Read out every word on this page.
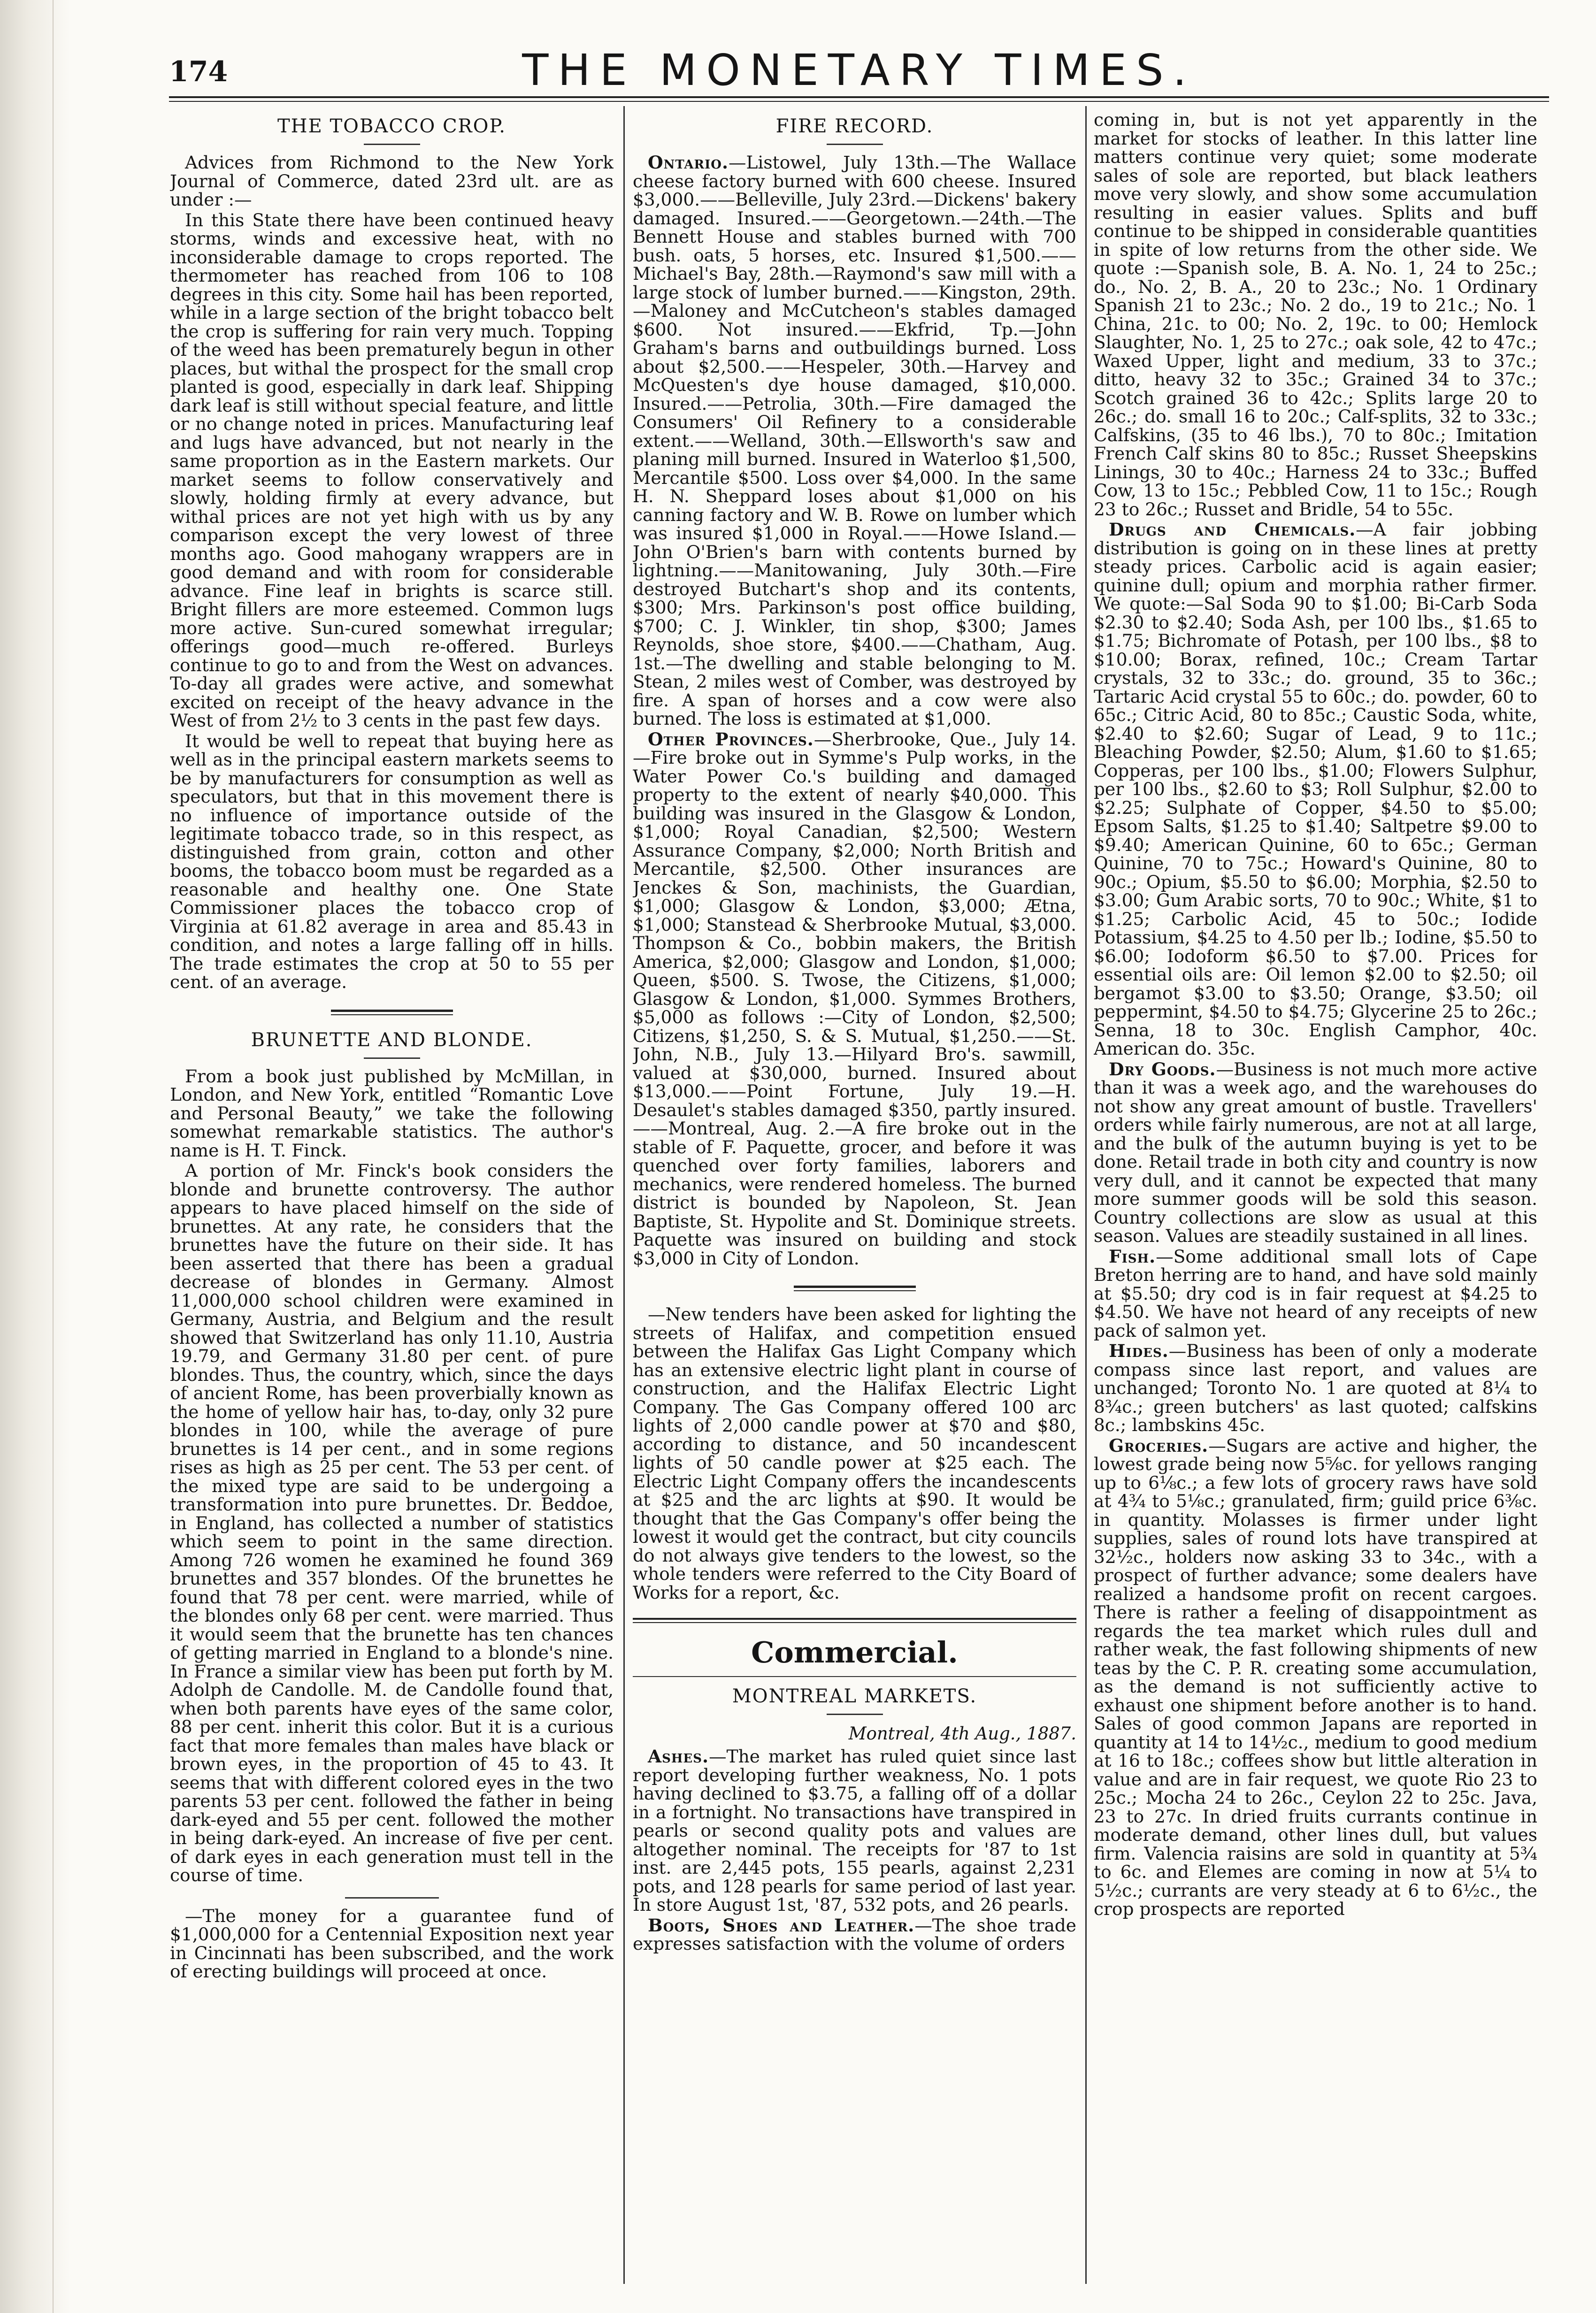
174	THE MONETARY TIMES.
THE TOBACCO CROP.

Advices from Richmond to the New York Journal of Commerce, dated 23rd ult. are as under :—

In this State there have been continued heavy storms, winds and excessive heat, with no inconsiderable damage to crops reported. The thermometer has reached from 106 to 108 degrees in this city. Some hail has been reported, while in a large section of the bright tobacco belt the crop is suffering for rain very much. Topping of the weed has been prematurely begun in other places, but withal the prospect for the small crop planted is good, especially in dark leaf. Shipping dark leaf is still without special feature, and little or no change noted in prices. Manufacturing leaf and lugs have advanced, but not nearly in the same proportion as in the Eastern markets. Our market seems to follow conservatively and slowly, holding firmly at every advance, but withal prices are not yet high with us by any comparison except the very lowest of three months ago. Good mahogany wrappers are in good demand and with room for considerable advance. Fine leaf in brights is scarce still. Bright fillers are more esteemed. Common lugs more active. Sun-cured somewhat irregular; offerings good—much re-offered. Burleys continue to go to and from the West on advances. To-day all grades were active, and somewhat excited on receipt of the heavy advance in the West of from 2½ to 3 cents in the past few days.

It would be well to repeat that buying here as well as in the principal eastern markets seems to be by manufacturers for consumption as well as speculators, but that in this movement there is no influence of importance outside of the legitimate tobacco trade, so in this respect, as distinguished from grain, cotton and other booms, the tobacco boom must be regarded as a reasonable and healthy one. One State Commissioner places the tobacco crop of Virginia at 61.82 average in area and 85.43 in condition, and notes a large falling off in hills. The trade estimates the crop at 50 to 55 per cent. of an average.

BRUNETTE AND BLONDE.

From a book just published by McMillan, in London, and New York, entitled “Romantic Love and Personal Beauty,” we take the following somewhat remarkable statistics. The author's name is H. T. Finck.

A portion of Mr. Finck's book considers the blonde and brunette controversy. The author appears to have placed himself on the side of brunettes. At any rate, he considers that the brunettes have the future on their side. It has been asserted that there has been a gradual decrease of blondes in Germany. Almost 11,000,000 school children were examined in Germany, Austria, and Belgium and the result showed that Switzerland has only 11.10, Austria 19.79, and Germany 31.80 per cent. of pure blondes. Thus, the country, which, since the days of ancient Rome, has been proverbially known as the home of yellow hair has, to-day, only 32 pure blondes in 100, while the average of pure brunettes is 14 per cent., and in some regions rises as high as 25 per cent. The 53 per cent. of the mixed type are said to be undergoing a transformation into pure brunettes. Dr. Beddoe, in England, has collected a number of statistics which seem to point in the same direction. Among 726 women he examined he found 369 brunettes and 357 blondes. Of the brunettes he found that 78 per cent. were married, while of the blondes only 68 per cent. were married. Thus it would seem that the brunette has ten chances of getting married in England to a blonde's nine. In France a similar view has been put forth by M. Adolph de Candolle. M. de Candolle found that, when both parents have eyes of the same color, 88 per cent. inherit this color. But it is a curious fact that more females than males have black or brown eyes, in the proportion of 45 to 43. It seems that with different colored eyes in the two parents 53 per cent. followed the father in being dark-eyed and 55 per cent. followed the mother in being dark-eyed. An increase of five per cent. of dark eyes in each generation must tell in the course of time.

—The money for a guarantee fund of $1,000,000 for a Centennial Exposition next year in Cincinnati has been subscribed, and the work of erecting buildings will proceed at once.

FIRE RECORD.

Ontario.—Listowel, July 13th.—The Wallace cheese factory burned with 600 cheese. Insured $3,000.——Belleville, July 23rd.—Dickens' bakery damaged. Insured.——Georgetown.—24th.—The Bennett House and stables burned with 700 bush. oats, 5 horses, etc. Insured $1,500.——Michael's Bay, 28th.—Raymond's saw mill with a large stock of lumber burned.——Kingston, 29th.—Maloney and McCutcheon's stables damaged $600. Not insured.——Ekfrid, Tp.—John Graham's barns and outbuildings burned. Loss about $2,500.——Hespeler, 30th.—Harvey and McQuesten's dye house damaged, $10,000. Insured.——Petrolia, 30th.—Fire damaged the Consumers' Oil Refinery to a considerable extent.——Welland, 30th.—Ellsworth's saw and planing mill burned. Insured in Waterloo $1,500, Mercantile $500. Loss over $4,000. In the same H. N. Sheppard loses about $1,000 on his canning factory and W. B. Rowe on lumber which was insured $1,000 in Royal.——Howe Island.—John O'Brien's barn with contents burned by lightning.——Manitowaning, July 30th.—Fire destroyed Butchart's shop and its contents, $300; Mrs. Parkinson's post office building, $700; C. J. Winkler, tin shop, $300; James Reynolds, shoe store, $400.——Chatham, Aug. 1st.—The dwelling and stable belonging to M. Stean, 2 miles west of Comber, was destroyed by fire. A span of horses and a cow were also burned. The loss is estimated at $1,000.

Other Provinces.—Sherbrooke, Que., July 14.—Fire broke out in Symme's Pulp works, in the Water Power Co.'s building and damaged property to the extent of nearly $40,000. This building was insured in the Glasgow & London, $1,000; Royal Canadian, $2,500; Western Assurance Company, $2,000; North British and Mercantile, $2,500. Other insurances are Jenckes & Son, machinists, the Guardian, $1,000; Glasgow & London, $3,000; Ætna, $1,000; Stanstead & Sherbrooke Mutual, $3,000. Thompson & Co., bobbin makers, the British America, $2,000; Glasgow and London, $1,000; Queen, $500. S. Twose, the Citizens, $1,000; Glasgow & London, $1,000. Symmes Brothers, $5,000 as follows :—City of London, $2,500; Citizens, $1,250, S. & S. Mutual, $1,250.——St. John, N.B., July 13.—Hilyard Bro's. sawmill, valued at $30,000, burned. Insured about $13,000.——Point Fortune, July 19.—H. Desaulet's stables damaged $350, partly insured.——Montreal, Aug. 2.—A fire broke out in the stable of F. Paquette, grocer, and before it was quenched over forty families, laborers and mechanics, were rendered homeless. The burned district is bounded by Napoleon, St. Jean Baptiste, St. Hypolite and St. Dominique streets. Paquette was insured on building and stock $3,000 in City of London.

—New tenders have been asked for lighting the streets of Halifax, and competition ensued between the Halifax Gas Light Company which has an extensive electric light plant in course of construction, and the Halifax Electric Light Company. The Gas Company offered 100 arc lights of 2,000 candle power at $70 and $80, according to distance, and 50 incandescent lights of 50 candle power at $25 each. The Electric Light Company offers the incandescents at $25 and the arc lights at $90. It would be thought that the Gas Company's offer being the lowest it would get the contract, but city councils do not always give tenders to the lowest, so the whole tenders were referred to the City Board of Works for a report, &c.

Commercial.
MONTREAL MARKETS.
Montreal, 4th Aug., 1887.

Ashes.—The market has ruled quiet since last report developing further weakness, No. 1 pots having declined to $3.75, a falling off of a dollar in a fortnight. No transactions have transpired in pearls or second quality pots and values are altogether nominal. The receipts for '87 to 1st inst. are 2,445 pots, 155 pearls, against 2,231 pots, and 128 pearls for same period of last year. In store August 1st, '87, 532 pots, and 26 pearls.

Boots, Shoes and Leather.—The shoe trade expresses satisfaction with the volume of orders

coming in, but is not yet apparently in the market for stocks of leather. In this latter line matters continue very quiet; some moderate sales of sole are reported, but black leathers move very slowly, and show some accumulation resulting in easier values. Splits and buff continue to be shipped in considerable quantities in spite of low returns from the other side. We quote :—Spanish sole, B. A. No. 1, 24 to 25c.; do., No. 2, B. A., 20 to 23c.; No. 1 Ordinary Spanish 21 to 23c.; No. 2 do., 19 to 21c.; No. 1 China, 21c. to 00; No. 2, 19c. to 00; Hemlock Slaughter, No. 1, 25 to 27c.; oak sole, 42 to 47c.; Waxed Upper, light and medium, 33 to 37c.; ditto, heavy 32 to 35c.; Grained 34 to 37c.; Scotch grained 36 to 42c.; Splits large 20 to 26c.; do. small 16 to 20c.; Calf-splits, 32 to 33c.; Calfskins, (35 to 46 lbs.), 70 to 80c.; Imitation French Calf skins 80 to 85c.; Russet Sheepskins Linings, 30 to 40c.; Harness 24 to 33c.; Buffed Cow, 13 to 15c.; Pebbled Cow, 11 to 15c.; Rough 23 to 26c.; Russet and Bridle, 54 to 55c.

Drugs and Chemicals.—A fair jobbing distribution is going on in these lines at pretty steady prices. Carbolic acid is again easier; quinine dull; opium and morphia rather firmer. We quote:—Sal Soda 90 to $1.00; Bi-Carb Soda $2.30 to $2.40; Soda Ash, per 100 lbs., $1.65 to $1.75; Bichromate of Potash, per 100 lbs., $8 to $10.00; Borax, refined, 10c.; Cream Tartar crystals, 32 to 33c.; do. ground, 35 to 36c.; Tartaric Acid crystal 55 to 60c.; do. powder, 60 to 65c.; Citric Acid, 80 to 85c.; Caustic Soda, white, $2.40 to $2.60; Sugar of Lead, 9 to 11c.; Bleaching Powder, $2.50; Alum, $1.60 to $1.65; Copperas, per 100 lbs., $1.00; Flowers Sulphur, per 100 lbs., $2.60 to $3; Roll Sulphur, $2.00 to $2.25; Sulphate of Copper, $4.50 to $5.00; Epsom Salts, $1.25 to $1.40; Saltpetre $9.00 to $9.40; American Quinine, 60 to 65c.; German Quinine, 70 to 75c.; Howard's Quinine, 80 to 90c.; Opium, $5.50 to $6.00; Morphia, $2.50 to $3.00; Gum Arabic sorts, 70 to 90c.; White, $1 to $1.25; Carbolic Acid, 45 to 50c.; Iodide Potassium, $4.25 to 4.50 per lb.; Iodine, $5.50 to $6.00; Iodoform $6.50 to $7.00. Prices for essential oils are: Oil lemon $2.00 to $2.50; oil bergamot $3.00 to $3.50; Orange, $3.50; oil peppermint, $4.50 to $4.75; Glycerine 25 to 26c.; Senna, 18 to 30c. English Camphor, 40c. American do. 35c.

Dry Goods.—Business is not much more active than it was a week ago, and the warehouses do not show any great amount of bustle. Travellers' orders while fairly numerous, are not at all large, and the bulk of the autumn buying is yet to be done. Retail trade in both city and country is now very dull, and it cannot be expected that many more summer goods will be sold this season. Country collections are slow as usual at this season. Values are steadily sustained in all lines.

Fish.—Some additional small lots of Cape Breton herring are to hand, and have sold mainly at $5.50; dry cod is in fair request at $4.25 to $4.50. We have not heard of any receipts of new pack of salmon yet.

Hides.—Business has been of only a moderate compass since last report, and values are unchanged; Toronto No. 1 are quoted at 8¼ to 8¾c.; green butchers' as last quoted; calfskins 8c.; lambskins 45c.

Groceries.—Sugars are active and higher, the lowest grade being now 5⅝c. for yellows ranging up to 6⅛c.; a few lots of grocery raws have sold at 4¾ to 5⅛c.; granulated, firm; guild price 6⅜c. in quantity. Molasses is firmer under light supplies, sales of round lots have transpired at 32½c., holders now asking 33 to 34c., with a prospect of further advance; some dealers have realized a handsome profit on recent cargoes. There is rather a feeling of disappointment as regards the tea market which rules dull and rather weak, the fast following shipments of new teas by the C. P. R. creating some accumulation, as the demand is not sufficiently active to exhaust one shipment before another is to hand. Sales of good common Japans are reported in quantity at 14 to 14½c., medium to good medium at 16 to 18c.; coffees show but little alteration in value and are in fair request, we quote Rio 23 to 25c.; Mocha 24 to 26c., Ceylon 22 to 25c. Java, 23 to 27c. In dried fruits currants continue in moderate demand, other lines dull, but values firm. Valencia raisins are sold in quantity at 5¾ to 6c. and Elemes are coming in now at 5¼ to 5½c.; currants are very steady at 6 to 6½c., the crop prospects are reported
